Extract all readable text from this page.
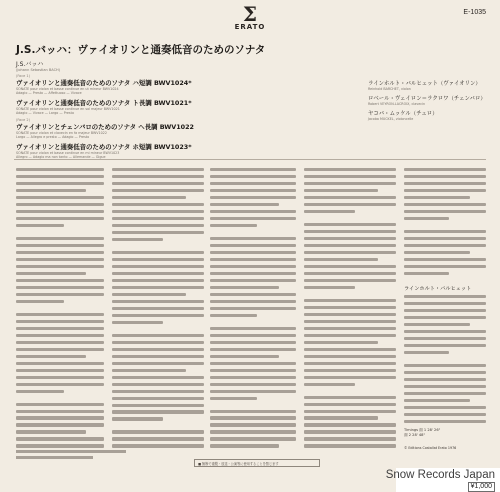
Σ
ERATO
E-1035
J.S.バッハ：ヴァイオリンと通奏低音のためのソナタ
J.S.バッハ
(Johann Sebastian BACH)
(Face 1)
ヴァイオリンと通奏低音のためのソナタ ハ短調 BWV1024*
SONATE pour violon et basse continue en ut mineur BWV1024
Adagio — Presto — Affettuoso — Vivace
ヴァイオリンと通奏低音のためのソナタ ト長調 BWV1021*
SONATE pour violon et basse continue en sol majeur BWV1021
Adagio — Vivace — Largo — Presto
(Face 2)
ヴァイオリンとチェンバロのためのソナタ ヘ長調 BWV1022
SONATE pour violon et clavecin en fa majeur BWV1022
Largo — Allegro e presto — Adagio — Presto
ヴァイオリンと通奏低音のためのソナタ ホ短調 BWV1023*
SONATE pour violon et basse continue en mi mineur BWV1023
Allegro — Adagio ma non tanto — Allemande — Gigue
ラインホルト・バルヒェット（ヴァイオリン）
Reinhold BARCHET, violon
ロベール・ヴェイロン＝ラクロワ（チェンバロ）
Robert VEYRON-LACROIX, clavecin
ヤコバ・ムッケル（チェロ）
Jacoba MUCKEL, violoncelle
ラインホルト・バルヒェット
Timings 面 1 28' 26"
面 2 28' 48"
© Editions Costallat Erato 1976
■ 無断で複製・放送・公演等に使用することを禁じます
Snow Records Japan
¥1,000
